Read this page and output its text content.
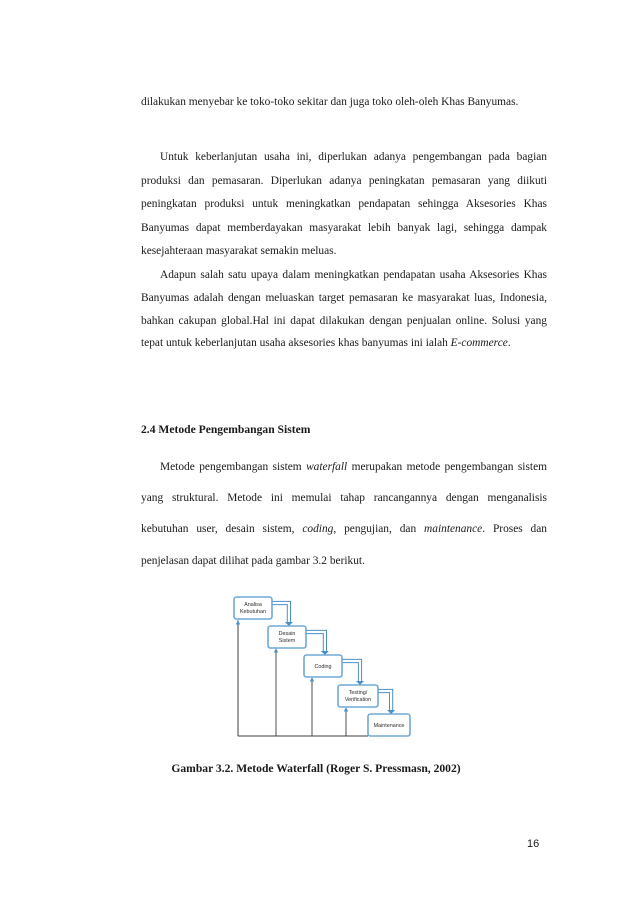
dilakukan menyebar ke toko-toko sekitar dan juga toko oleh-oleh Khas Banyumas.
Untuk keberlanjutan usaha ini, diperlukan adanya pengembangan pada bagian produksi dan pemasaran. Diperlukan adanya peningkatan pemasaran yang diikuti peningkatan produksi untuk meningkatkan pendapatan sehingga Aksesories Khas Banyumas dapat memberdayakan masyarakat lebih banyak lagi, sehingga dampak kesejahteraan masyarakat semakin meluas.
Adapun salah satu upaya dalam meningkatkan pendapatan usaha Aksesories Khas Banyumas adalah dengan meluaskan target pemasaran ke masyarakat luas, Indonesia, bahkan cakupan global.Hal ini dapat dilakukan dengan penjualan online. Solusi yang tepat untuk keberlanjutan usaha aksesories khas banyumas ini ialah E-commerce.
2.4 Metode Pengembangan Sistem
Metode pengembangan sistem waterfall merupakan metode pengembangan sistem yang struktural. Metode ini memulai tahap rancangannya dengan menganalisis kebutuhan user, desain sistem, coding, pengujian, dan maintenance. Proses dan penjelasan dapat dilihat pada gambar 3.2 berikut.
Analisa
Kebutuhan
Desain
Sistem
Coding
Testing/
Verification
Maintenance
Gambar 3.2. Metode Waterfall (Roger S. Pressmasn, 2002)
16
